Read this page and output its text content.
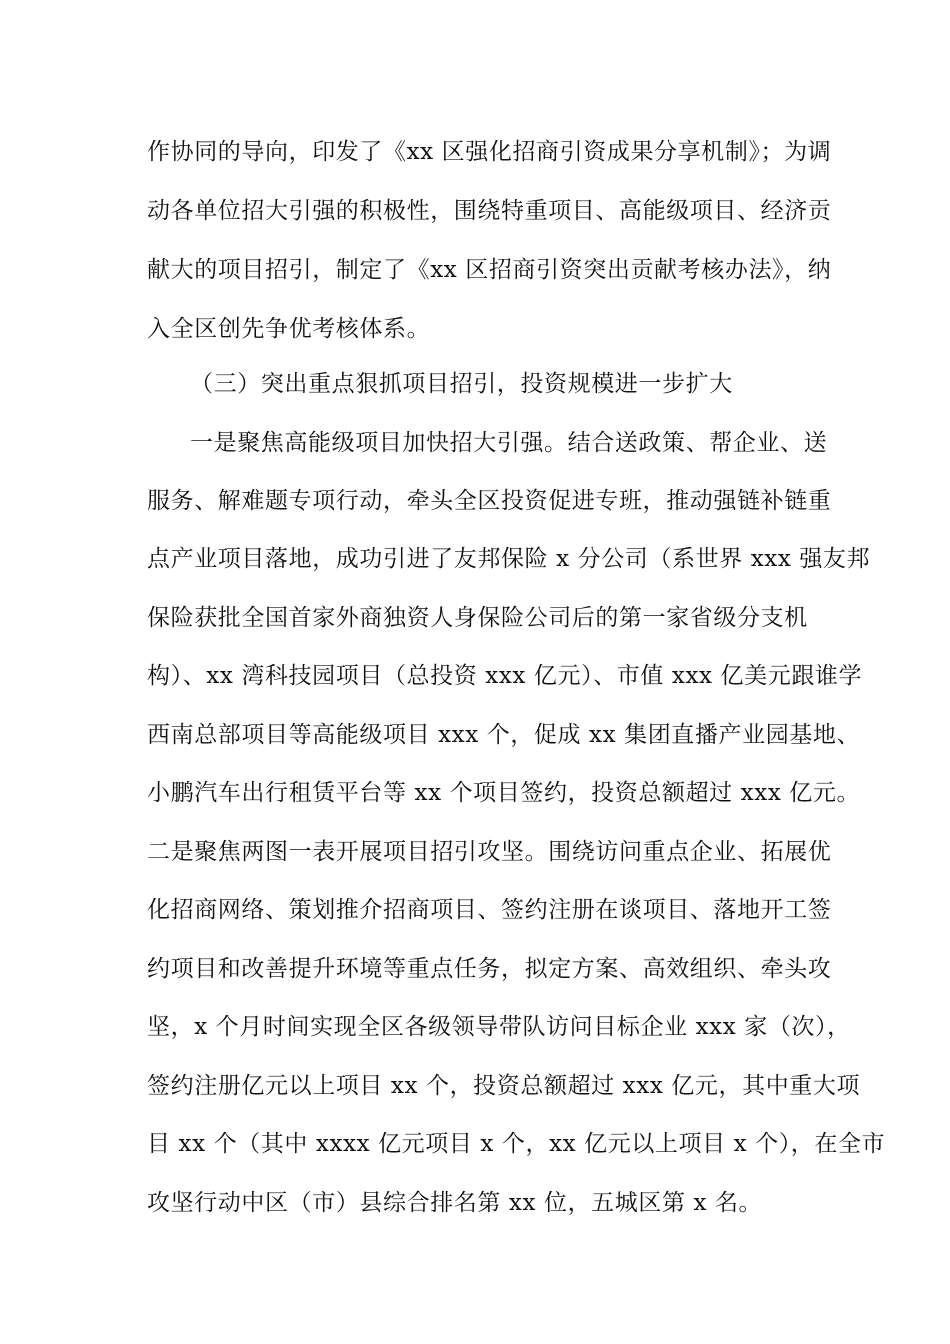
作协同的导向，印发了《xx 区强化招商引资成果分享机制》；为调
动各单位招大引强的积极性，围绕特重项目、高能级项目、经济贡
献大的项目招引，制定了《xx 区招商引资突出贡献考核办法》，纳
入全区创先争优考核体系。
（三）突出重点狠抓项目招引，投资规模进一步扩大
一是聚焦高能级项目加快招大引强。结合送政策、帮企业、送
服务、解难题专项行动，牵头全区投资促进专班，推动强链补链重
点产业项目落地，成功引进了友邦保险 x 分公司（系世界 xxx 强友邦
保险获批全国首家外商独资人身保险公司后的第一家省级分支机
构）、xx 湾科技园项目（总投资 xxx 亿元）、市值 xxx 亿美元跟谁学
西南总部项目等高能级项目 xxx 个，促成 xx 集团直播产业园基地、
小鹏汽车出行租赁平台等 xx 个项目签约，投资总额超过 xxx 亿元。
二是聚焦两图一表开展项目招引攻坚。围绕访问重点企业、拓展优
化招商网络、策划推介招商项目、签约注册在谈项目、落地开工签
约项目和改善提升环境等重点任务，拟定方案、高效组织、牵头攻
坚，x 个月时间实现全区各级领导带队访问目标企业 xxx 家（次），
签约注册亿元以上项目 xx 个，投资总额超过 xxx 亿元，其中重大项
目 xx 个（其中 xxxx 亿元项目 x 个，xx 亿元以上项目 x 个），在全市
攻坚行动中区（市）县综合排名第 xx 位，五城区第 x 名。
